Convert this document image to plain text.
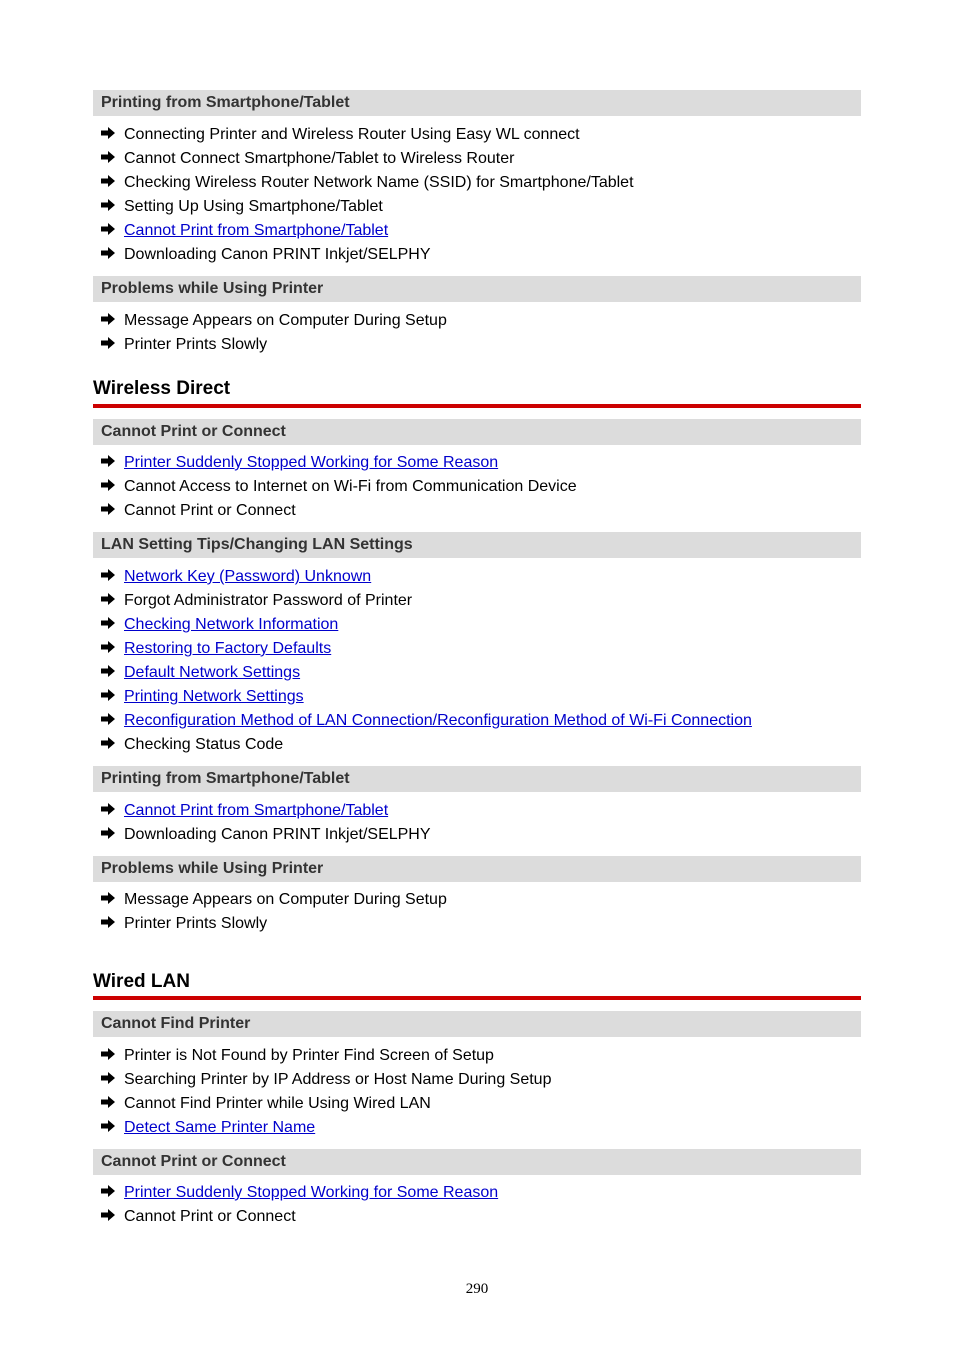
Printing from Smartphone/Tablet
Connecting Printer and Wireless Router Using Easy WL connect
Cannot Connect Smartphone/Tablet to Wireless Router
Checking Wireless Router Network Name (SSID) for Smartphone/Tablet
Setting Up Using Smartphone/Tablet
Cannot Print from Smartphone/Tablet
Downloading Canon PRINT Inkjet/SELPHY
Problems while Using Printer
Message Appears on Computer During Setup
Printer Prints Slowly
Wireless Direct
Cannot Print or Connect
Printer Suddenly Stopped Working for Some Reason
Cannot Access to Internet on Wi-Fi from Communication Device
Cannot Print or Connect
LAN Setting Tips/Changing LAN Settings
Network Key (Password) Unknown
Forgot Administrator Password of Printer
Checking Network Information
Restoring to Factory Defaults
Default Network Settings
Printing Network Settings
Reconfiguration Method of LAN Connection/Reconfiguration Method of Wi-Fi Connection
Checking Status Code
Printing from Smartphone/Tablet
Cannot Print from Smartphone/Tablet
Downloading Canon PRINT Inkjet/SELPHY
Problems while Using Printer
Message Appears on Computer During Setup
Printer Prints Slowly
Wired LAN
Cannot Find Printer
Printer is Not Found by Printer Find Screen of Setup
Searching Printer by IP Address or Host Name During Setup
Cannot Find Printer while Using Wired LAN
Detect Same Printer Name
Cannot Print or Connect
Printer Suddenly Stopped Working for Some Reason
Cannot Print or Connect
290
